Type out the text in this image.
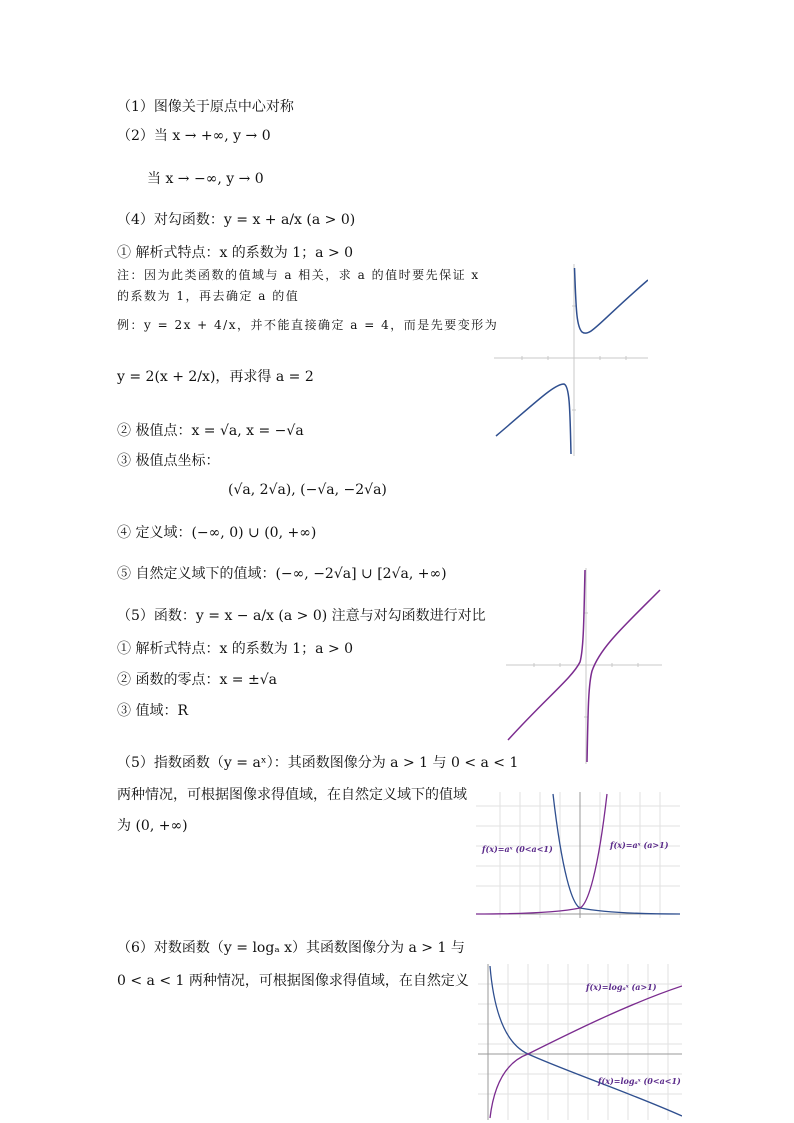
（1）图像关于原点中心对称
（2）当 x → +∞, y → 0
当 x → −∞, y → 0
（4）对勾函数：y = x + a/x (a > 0)
① 解析式特点：x 的系数为 1；a > 0
注：因为此类函数的值域与 a 相关，求 a 的值时要先保证 x
的系数为 1，再去确定 a 的值
例：y = 2x + 4/x，并不能直接确定 a = 4，而是先要变形为
y = 2(x + 2/x)，再求得 a = 2
② 极值点：x = √a, x = −√a
③ 极值点坐标：
(√a, 2√a), (−√a, −2√a)
④ 定义域：(−∞, 0) ∪ (0, +∞)
⑤ 自然定义域下的值域：(−∞, −2√a] ∪ [2√a, +∞)
（5）函数：y = x − a/x (a > 0) 注意与对勾函数进行对比
① 解析式特点：x 的系数为 1；a > 0
② 函数的零点：x = ±√a
③ 值域：R
（5）指数函数（y = aˣ）：其函数图像分为 a > 1 与 0 < a < 1
两种情况，可根据图像求得值域，在自然定义域下的值域
为 (0, +∞)
（6）对数函数（y = logₐ x）其函数图像分为 a > 1 与
0 < a < 1 两种情况，可根据图像求得值域，在自然定义
f(x)=aˣ (0<a<1)	f(x)=aˣ (a>1)
f(x)=logₐˣ (a>1)
f(x)=logₐˣ (0<a<1)
